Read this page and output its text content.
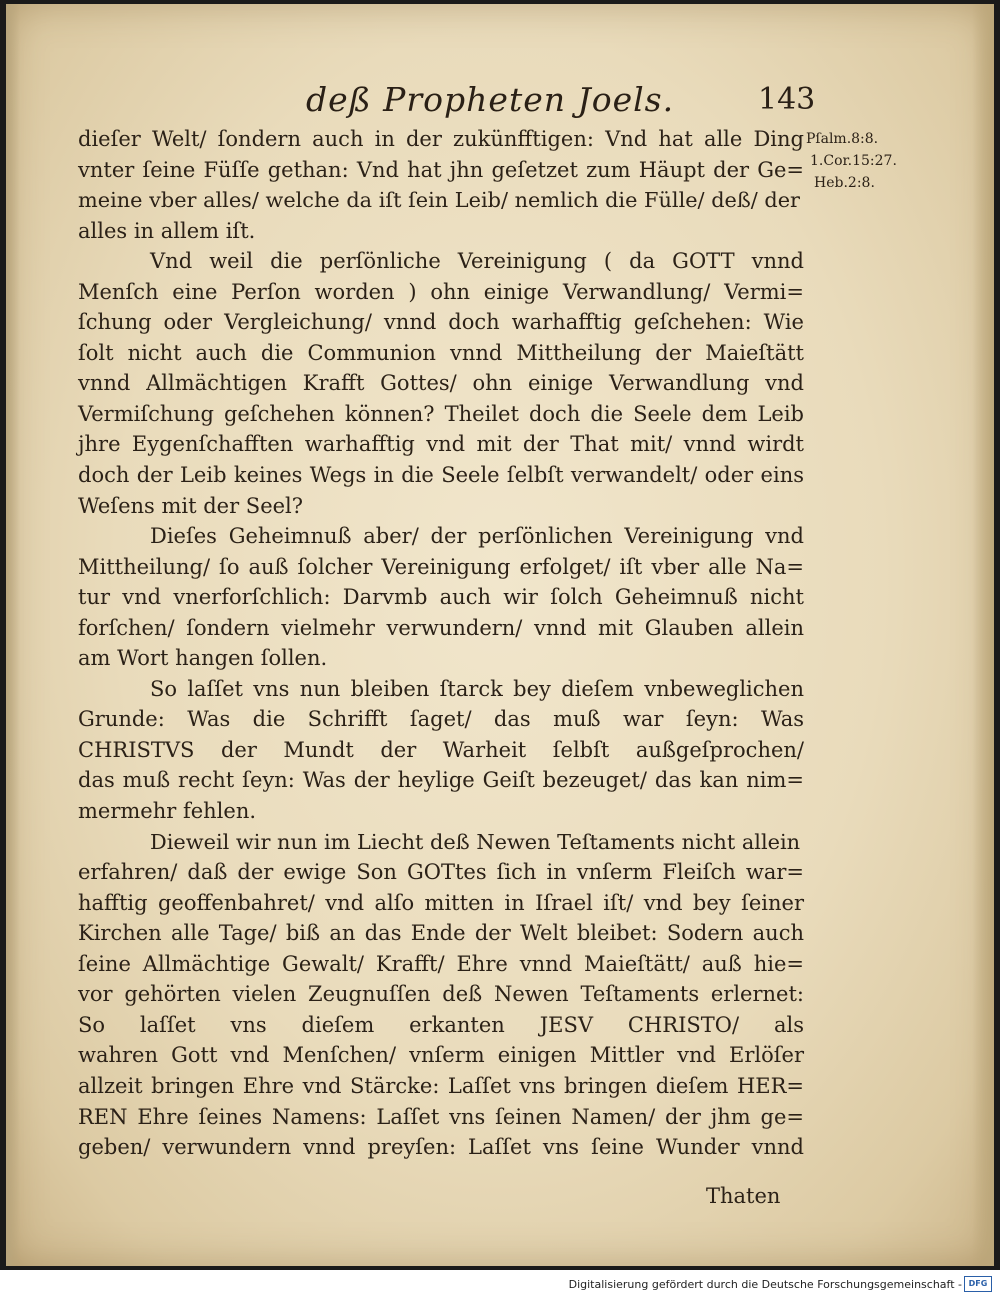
deß Propheten Joels.	143
dieſer Welt/ ſondern auch in der zukünfftigen: Vnd hat alle Ding
vnter ſeine Füſſe gethan: Vnd hat jhn geſetzet zum Häupt der Ge=
meine vber alles/ welche da iſt ſein Leib/ nemlich die Fülle/ deß/ der
alles in allem iſt.
Vnd weil die perſönliche Vereinigung ( da GOTT vnnd
Menſch eine Perſon worden ) ohn einige Verwandlung/ Vermi=
ſchung oder Vergleichung/ vnnd doch warhafftig geſchehen: Wie
ſolt nicht auch die Communion vnnd Mittheilung der Maieſtätt
vnnd Allmächtigen Krafft Gottes/ ohn einige Verwandlung vnd
Vermiſchung geſchehen können? Theilet doch die Seele dem Leib
jhre Eygenſchafften warhafftig vnd mit der That mit/ vnnd wirdt
doch der Leib keines Wegs in die Seele ſelbſt verwandelt/ oder eins
Weſens mit der Seel?
Dieſes Geheimnuß aber/ der perſönlichen Vereinigung vnd
Mittheilung/ ſo auß ſolcher Vereinigung erfolget/ iſt vber alle Na=
tur vnd vnerforſchlich: Darvmb auch wir ſolch Geheimnuß nicht
forſchen/ ſondern vielmehr verwundern/ vnnd mit Glauben allein
am Wort hangen ſollen.
So laſſet vns nun bleiben ſtarck bey dieſem vnbeweglichen
Grunde: Was die Schrifft ſaget/ das muß war ſeyn: Was
CHRISTVS der Mundt der Warheit ſelbſt außgeſprochen/
das muß recht ſeyn: Was der heylige Geiſt bezeuget/ das kan nim=
mermehr fehlen.
Dieweil wir nun im Liecht deß Newen Teſtaments nicht allein
erfahren/ daß der ewige Son GOTtes ſich in vnſerm Fleiſch war=
hafftig geoffenbahret/ vnd alſo mitten in Iſrael iſt/ vnd bey ſeiner
Kirchen alle Tage/ biß an das Ende der Welt bleibet: Sodern auch
ſeine Allmächtige Gewalt/ Krafft/ Ehre vnnd Maieſtätt/ auß hie=
vor gehörten vielen Zeugnuſſen deß Newen Teſtaments erlernet:
So laſſet vns dieſem erkanten JESV CHRISTO/ als
wahren Gott vnd Menſchen/ vnſerm einigen Mittler vnd Erlöſer
allzeit bringen Ehre vnd Stärcke: Laſſet vns bringen dieſem HER=
REN Ehre ſeines Namens: Laſſet vns ſeinen Namen/ der jhm ge=
geben/ verwundern vnnd preyſen: Laſſet vns ſeine Wunder vnnd
Pſalm.8:8.
1.Cor.15:27.
Heb.2:8.
Thaten
Digitalisierung gefördert durch die Deutsche Forschungsgemeinschaft - DFG
